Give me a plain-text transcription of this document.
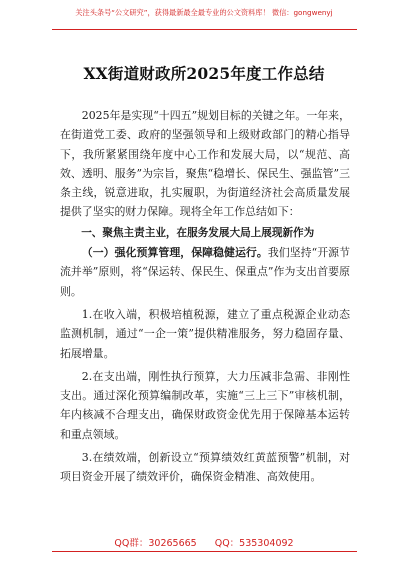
关注头条号“公文研究”，获得最新最全最专业的公文资料库！ 微信：gongwenyj
XX街道财政所2025年度工作总结

2025年是实现“十四五”规划目标的关键之年。一年来，在街道党工委、政府的坚强领导和上级财政部门的精心指导下，我所紧紧围绕年度中心工作和发展大局，以“规范、高效、透明、服务”为宗旨，聚焦“稳增长、保民生、强监管”三条主线，锐意进取，扎实履职，为街道经济社会高质量发展提供了坚实的财力保障。现将全年工作总结如下：

一、聚焦主责主业，在服务发展大局上展现新作为

（一）强化预算管理，保障稳健运行。我们坚持“开源节流并举”原则，将“保运转、保民生、保重点”作为支出首要原则。

1.在收入端，积极培植税源，建立了重点税源企业动态监测机制，通过“一企一策”提供精准服务，努力稳固存量、拓展增量。

2.在支出端，刚性执行预算，大力压减非急需、非刚性支出。通过深化预算编制改革，实施“三上三下”审核机制，年内核减不合理支出，确保财政资金优先用于保障基本运转和重点领域。

3.在绩效端，创新设立“预算绩效红黄蓝预警”机制，对项目资金开展了绩效评价，确保资金精准、高效使用。

QQ群：30265665 QQ：535304092
